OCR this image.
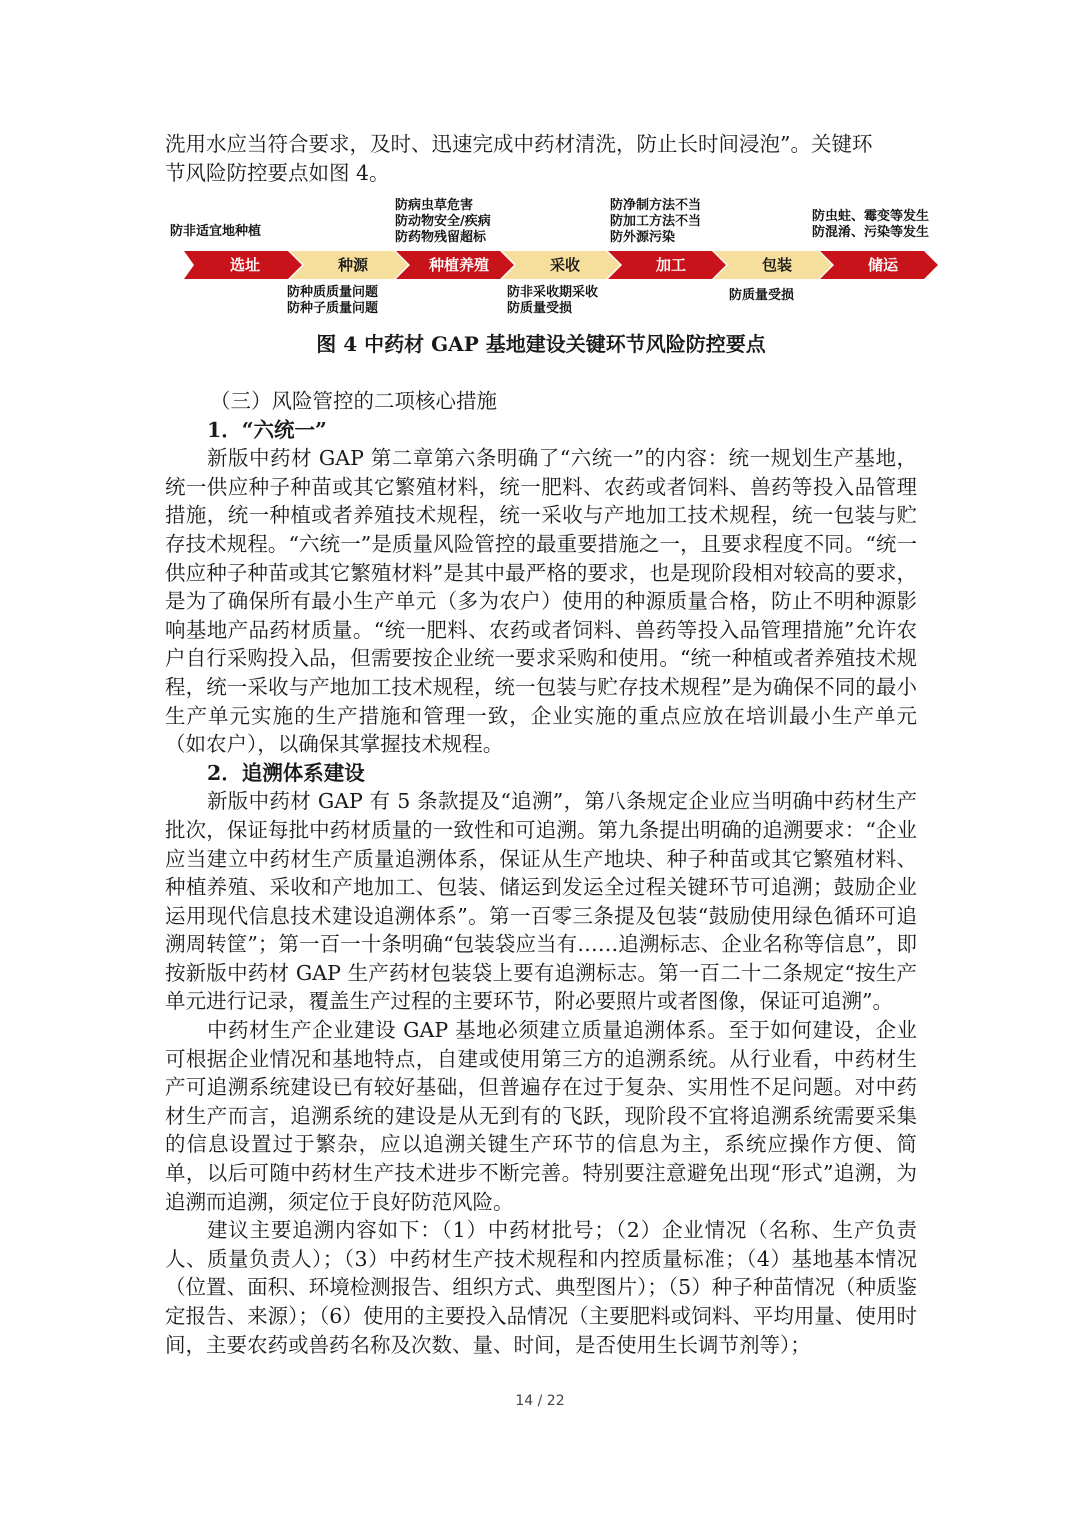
洗用水应当符合要求，及时、迅速完成中药材清洗，防止长时间浸泡”。关键环

节风险防控要点如图 4。

选址	种源	种植养殖	采收	加工	包装	储运
防非适宜地种植
防病虫草危害
防动物安全/疾病
防药物残留超标
防净制方法不当
防加工方法不当
防外源污染
防虫蛀、霉变等发生
防混淆、污染等发生
防种质质量问题
防种子质量问题
防非采收期采收
防质量受损
防质量受损
图 4 中药材 GAP 基地建设关键环节风险防控要点

（三）风险管控的二项核心措施

1．“六统一”

新版中药材 GAP 第二章第六条明确了“六统一”的内容：统一规划生产基地，统一供应种子种苗或其它繁殖材料，统一肥料、农药或者饲料、兽药等投入品管理措施，统一种植或者养殖技术规程，统一采收与产地加工技术规程，统一包装与贮存技术规程。“六统一”是质量风险管控的最重要措施之一，且要求程度不同。“统一供应种子种苗或其它繁殖材料”是其中最严格的要求，也是现阶段相对较高的要求，是为了确保所有最小生产单元（多为农户）使用的种源质量合格，防止不明种源影响基地产品药材质量。“统一肥料、农药或者饲料、兽药等投入品管理措施”允许农户自行采购投入品，但需要按企业统一要求采购和使用。“统一种植或者养殖技术规程，统一采收与产地加工技术规程，统一包装与贮存技术规程”是为确保不同的最小生产单元实施的生产措施和管理一致，企业实施的重点应放在培训最小生产单元（如农户），以确保其掌握技术规程。

2．追溯体系建设

新版中药材 GAP 有 5 条款提及“追溯”，第八条规定企业应当明确中药材生产批次，保证每批中药材质量的一致性和可追溯。第九条提出明确的追溯要求：“企业应当建立中药材生产质量追溯体系，保证从生产地块、种子种苗或其它繁殖材料、种植养殖、采收和产地加工、包装、储运到发运全过程关键环节可追溯；鼓励企业运用现代信息技术建设追溯体系”。第一百零三条提及包装“鼓励使用绿色循环可追溯周转筐”；第一百一十条明确“包装袋应当有……追溯标志、企业名称等信息”，即按新版中药材 GAP 生产药材包装袋上要有追溯标志。第一百二十二条规定“按生产单元进行记录，覆盖生产过程的主要环节，附必要照片或者图像，保证可追溯”。

中药材生产企业建设 GAP 基地必须建立质量追溯体系。至于如何建设，企业可根据企业情况和基地特点，自建或使用第三方的追溯系统。从行业看，中药材生产可追溯系统建设已有较好基础，但普遍存在过于复杂、实用性不足问题。对中药材生产而言，追溯系统的建设是从无到有的飞跃，现阶段不宜将追溯系统需要采集的信息设置过于繁杂，应以追溯关键生产环节的信息为主，系统应操作方便、简单，以后可随中药材生产技术进步不断完善。特别要注意避免出现“形式”追溯，为追溯而追溯，须定位于良好防范风险。

建议主要追溯内容如下：（1）中药材批号；（2）企业情况（名称、生产负责人、质量负责人）；（3）中药材生产技术规程和内控质量标准；（4）基地基本情况（位置、面积、环境检测报告、组织方式、典型图片）；（5）种子种苗情况（种质鉴定报告、来源）；（6）使用的主要投入品情况（主要肥料或饲料、平均用量、使用时间，主要农药或兽药名称及次数、量、时间，是否使用生长调节剂等）；

14 / 22
